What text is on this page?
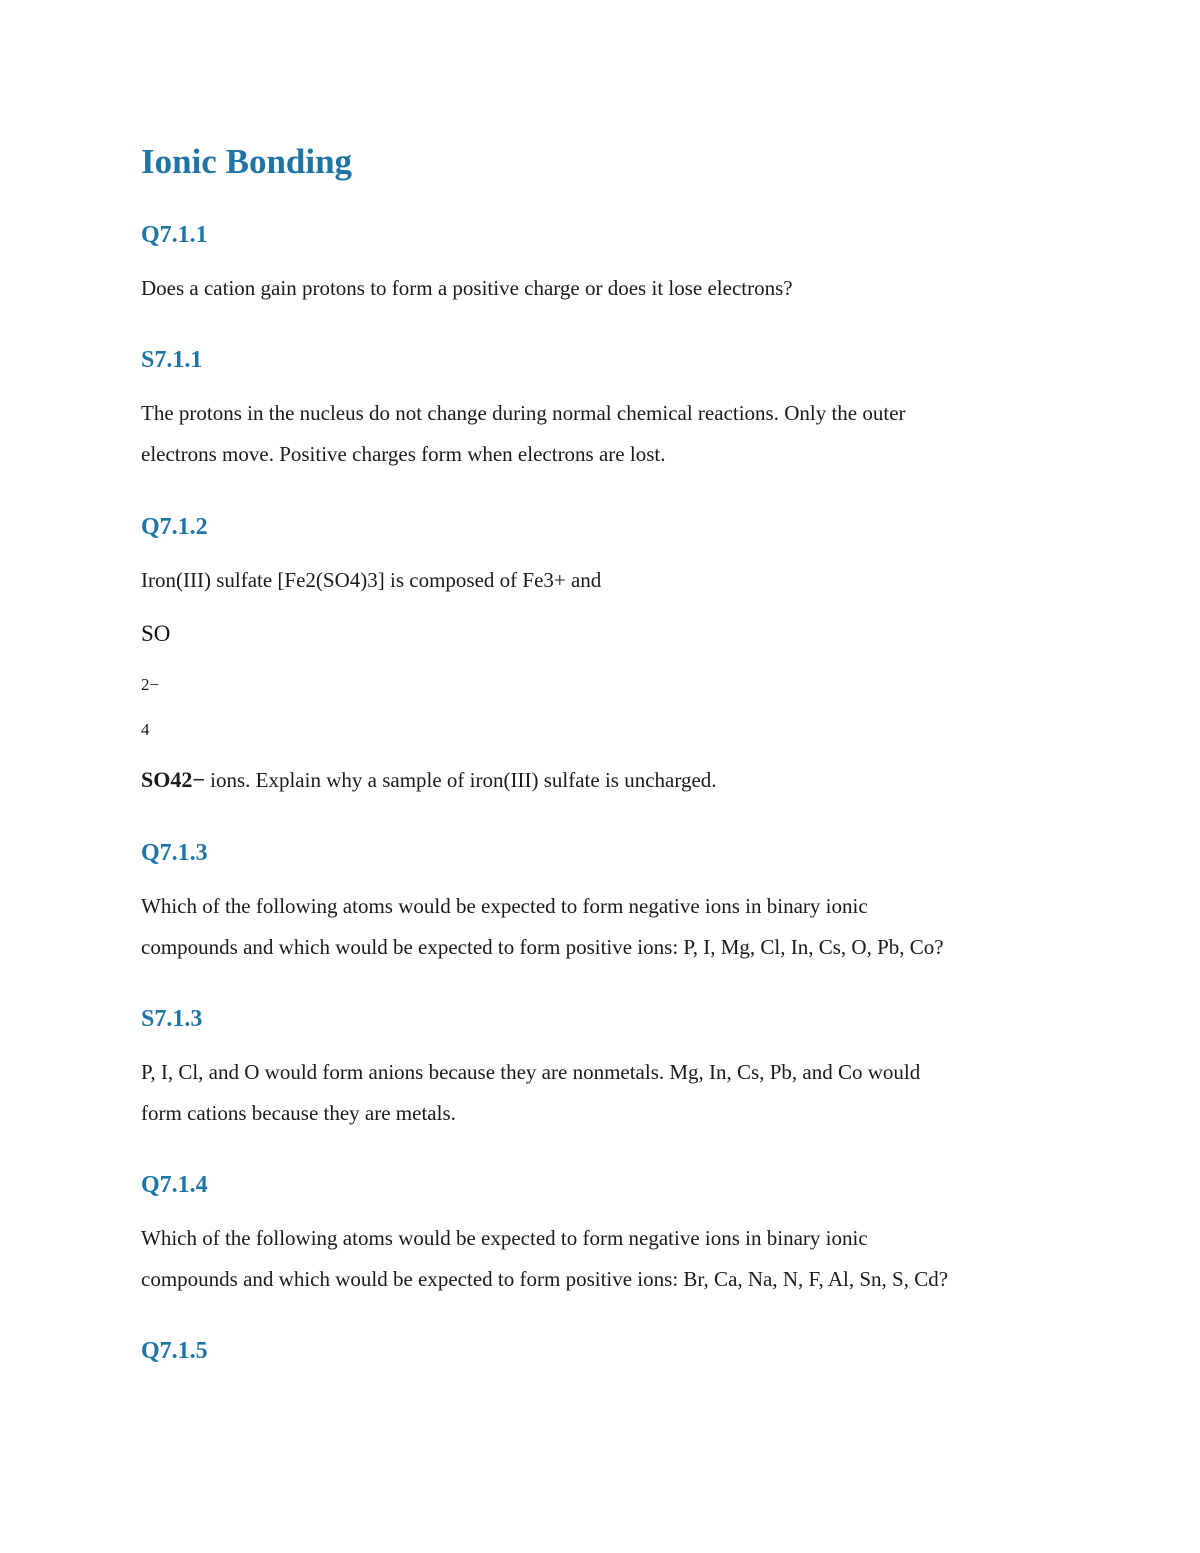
Ionic Bonding
Q7.1.1

Does a cation gain protons to form a positive charge or does it lose electrons?

S7.1.1

The protons in the nucleus do not change during normal chemical reactions. Only the outer

electrons move. Positive charges form when electrons are lost.

Q7.1.2

Iron(III) sulfate [Fe2(SO4)3] is composed of Fe3+ and

SO

2−

4

SO42− ions. Explain why a sample of iron(III) sulfate is uncharged.

Q7.1.3

Which of the following atoms would be expected to form negative ions in binary ionic

compounds and which would be expected to form positive ions: P, I, Mg, Cl, In, Cs, O, Pb, Co?

S7.1.3

P, I, Cl, and O would form anions because they are nonmetals. Mg, In, Cs, Pb, and Co would

form cations because they are metals.

Q7.1.4

Which of the following atoms would be expected to form negative ions in binary ionic

compounds and which would be expected to form positive ions: Br, Ca, Na, N, F, Al, Sn, S, Cd?

Q7.1.5
